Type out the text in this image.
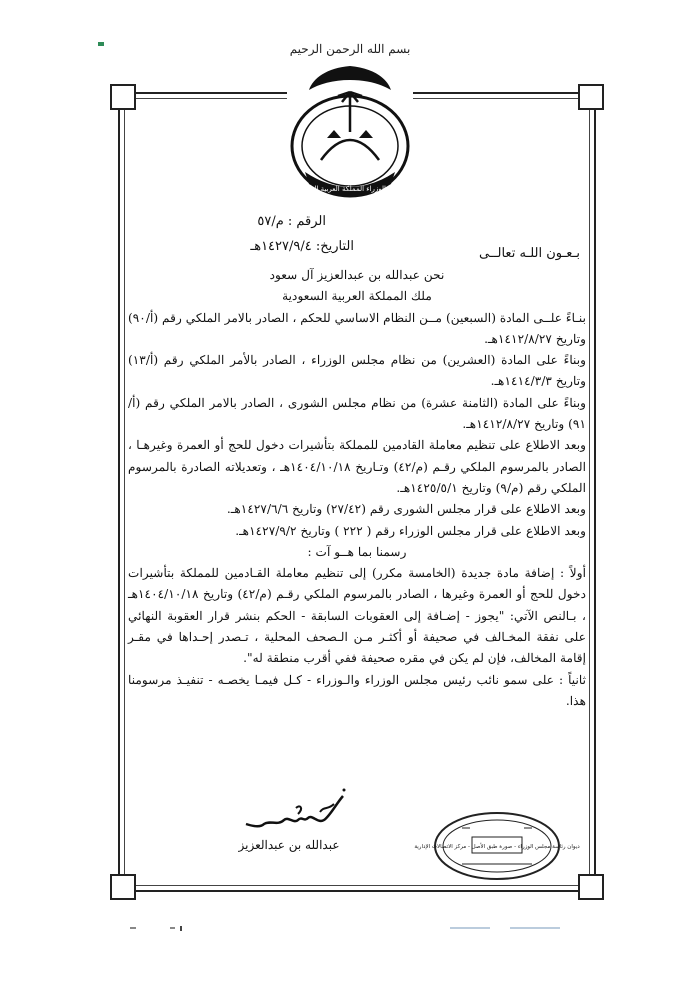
بسم الله الرحمن الرحيم
مجلس الوزراء المملكة العربية السعودية
الرقم : م/٥٧
التاريخ: ١٤٢٧/٩/٤هـ	بـعـون اللـه تعالــى

نحن عبدالله بن عبدالعزيز آل سعود

ملك المملكة العربية السعودية

بنـاءً علــى المادة (السبعين) مــن النظام الاساسي للحكم ، الصادر بالامر الملكي رقم (أ/٩٠) وتاريخ ١٤١٢/٨/٢٧هـ.

وبناءً على المادة (العشرين) من نظام مجلس الوزراء ، الصادر بالأمر الملكي رقم (أ/١٣) وتاريخ ١٤١٤/٣/٣هـ.

وبناءً على المادة (الثامنة عشرة) من نظام مجلس الشورى ، الصادر بالامر الملكي رقم (أ/٩١) وتاريخ ١٤١٢/٨/٢٧هـ.

وبعد الاطلاع على تنظيم معاملة القادمين للمملكة بتأشيرات دخول للحج أو العمرة وغيرهـا ، الصادر بالمرسوم الملكي رقـم (م/٤٢) وتـاريخ ١٤٠٤/١٠/١٨هـ ، وتعديلاته الصادرة بالمرسوم الملكي رقم (م/٩) وتاريخ ١٤٢٥/٥/١هـ.

وبعد الاطلاع على قرار مجلس الشورى رقم (٢٧/٤٢) وتاريخ ١٤٢٧/٦/٦هـ.

وبعد الاطلاع على قرار مجلس الوزراء رقم ( ٢٢٢ ) وتاريخ ١٤٢٧/٩/٢هـ.

رسمنا بما هــو آت :

أولاً : إضافة مادة جديدة (الخامسة مكرر) إلى تنظيم معاملة القـادمين للمملكة بتأشيرات دخول للحج أو العمرة وغيرها ، الصادر بالمرسوم الملكي رقـم (م/٤٢) وتاريخ ١٤٠٤/١٠/١٨هـ ، بـالنص الآتي: "يجوز - إضـافة إلى العقوبات السابقة - الحكم بنشر قرار العقوبة النهائي على نفقة المخـالف في صحيفة أو أكثـر مـن الـصحف المحلية ، تـصدر إحـداها في مقـر إقامة المخالف، فإن لم يكن في مقره صحيفة ففي أقرب منطقة له".

ثانياً : على سمو نائب رئيس مجلس الوزراء والـوزراء - كـل فيمـا يخصـه - تنفيـذ مرسومنا هذا.

عبدالله بن عبدالعزيز	ديوان رئاسة مجلس الوزراء - صورة طبق الأصل - مركز الاتصالات الإدارية
